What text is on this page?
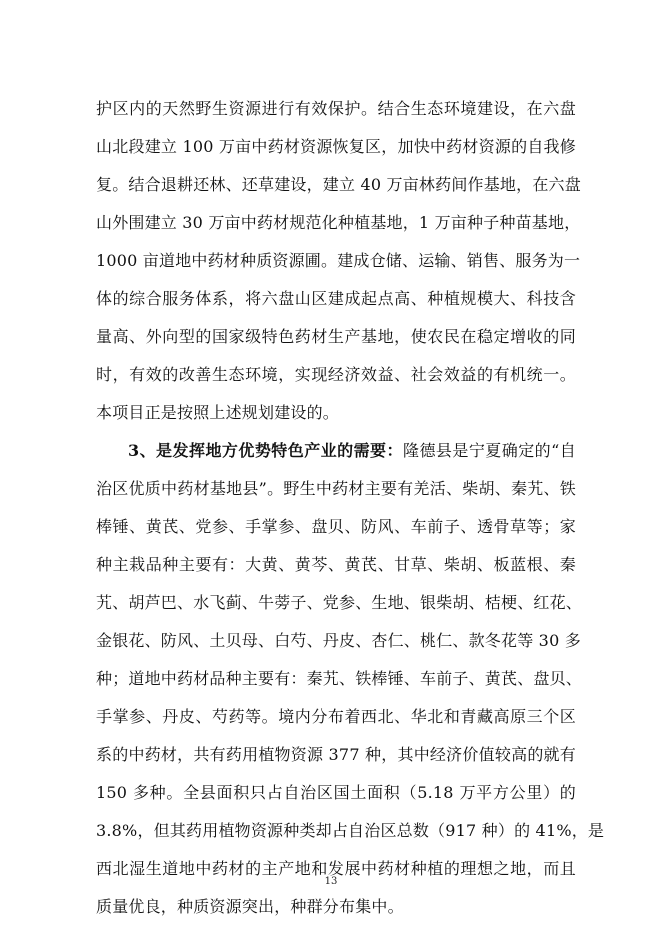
护区内的天然野生资源进行有效保护。结合生态环境建设，在六盘
山北段建立 100 万亩中药材资源恢复区，加快中药材资源的自我修
复。结合退耕还林、还草建设，建立 40 万亩林药间作基地，在六盘
山外围建立 30 万亩中药材规范化种植基地，1 万亩种子种苗基地，
1000 亩道地中药材种质资源圃。建成仓储、运输、销售、服务为一
体的综合服务体系，将六盘山区建成起点高、种植规模大、科技含
量高、外向型的国家级特色药材生产基地，使农民在稳定增收的同
时，有效的改善生态环境，实现经济效益、社会效益的有机统一。
本项目正是按照上述规划建设的。
3、是发挥地方优势特色产业的需要：隆德县是宁夏确定的“自
治区优质中药材基地县”。野生中药材主要有羌活、柴胡、秦艽、铁
棒锤、黄芪、党参、手掌参、盘贝、防风、车前子、透骨草等；家
种主栽品种主要有：大黄、黄芩、黄芪、甘草、柴胡、板蓝根、秦
艽、胡芦巴、水飞蓟、牛蒡子、党参、生地、银柴胡、桔梗、红花、
金银花、防风、土贝母、白芍、丹皮、杏仁、桃仁、款冬花等 30 多
种；道地中药材品种主要有：秦艽、铁棒锤、车前子、黄芪、盘贝、
手掌参、丹皮、芍药等。境内分布着西北、华北和青藏高原三个区
系的中药材，共有药用植物资源 377 种，其中经济价值较高的就有
150 多种。全县面积只占自治区国土面积（5.18 万平方公里）的
3.8%，但其药用植物资源种类却占自治区总数（917 种）的 41%，是
西北湿生道地中药材的主产地和发展中药材种植的理想之地，而且
质量优良，种质资源突出，种群分布集中。
13
